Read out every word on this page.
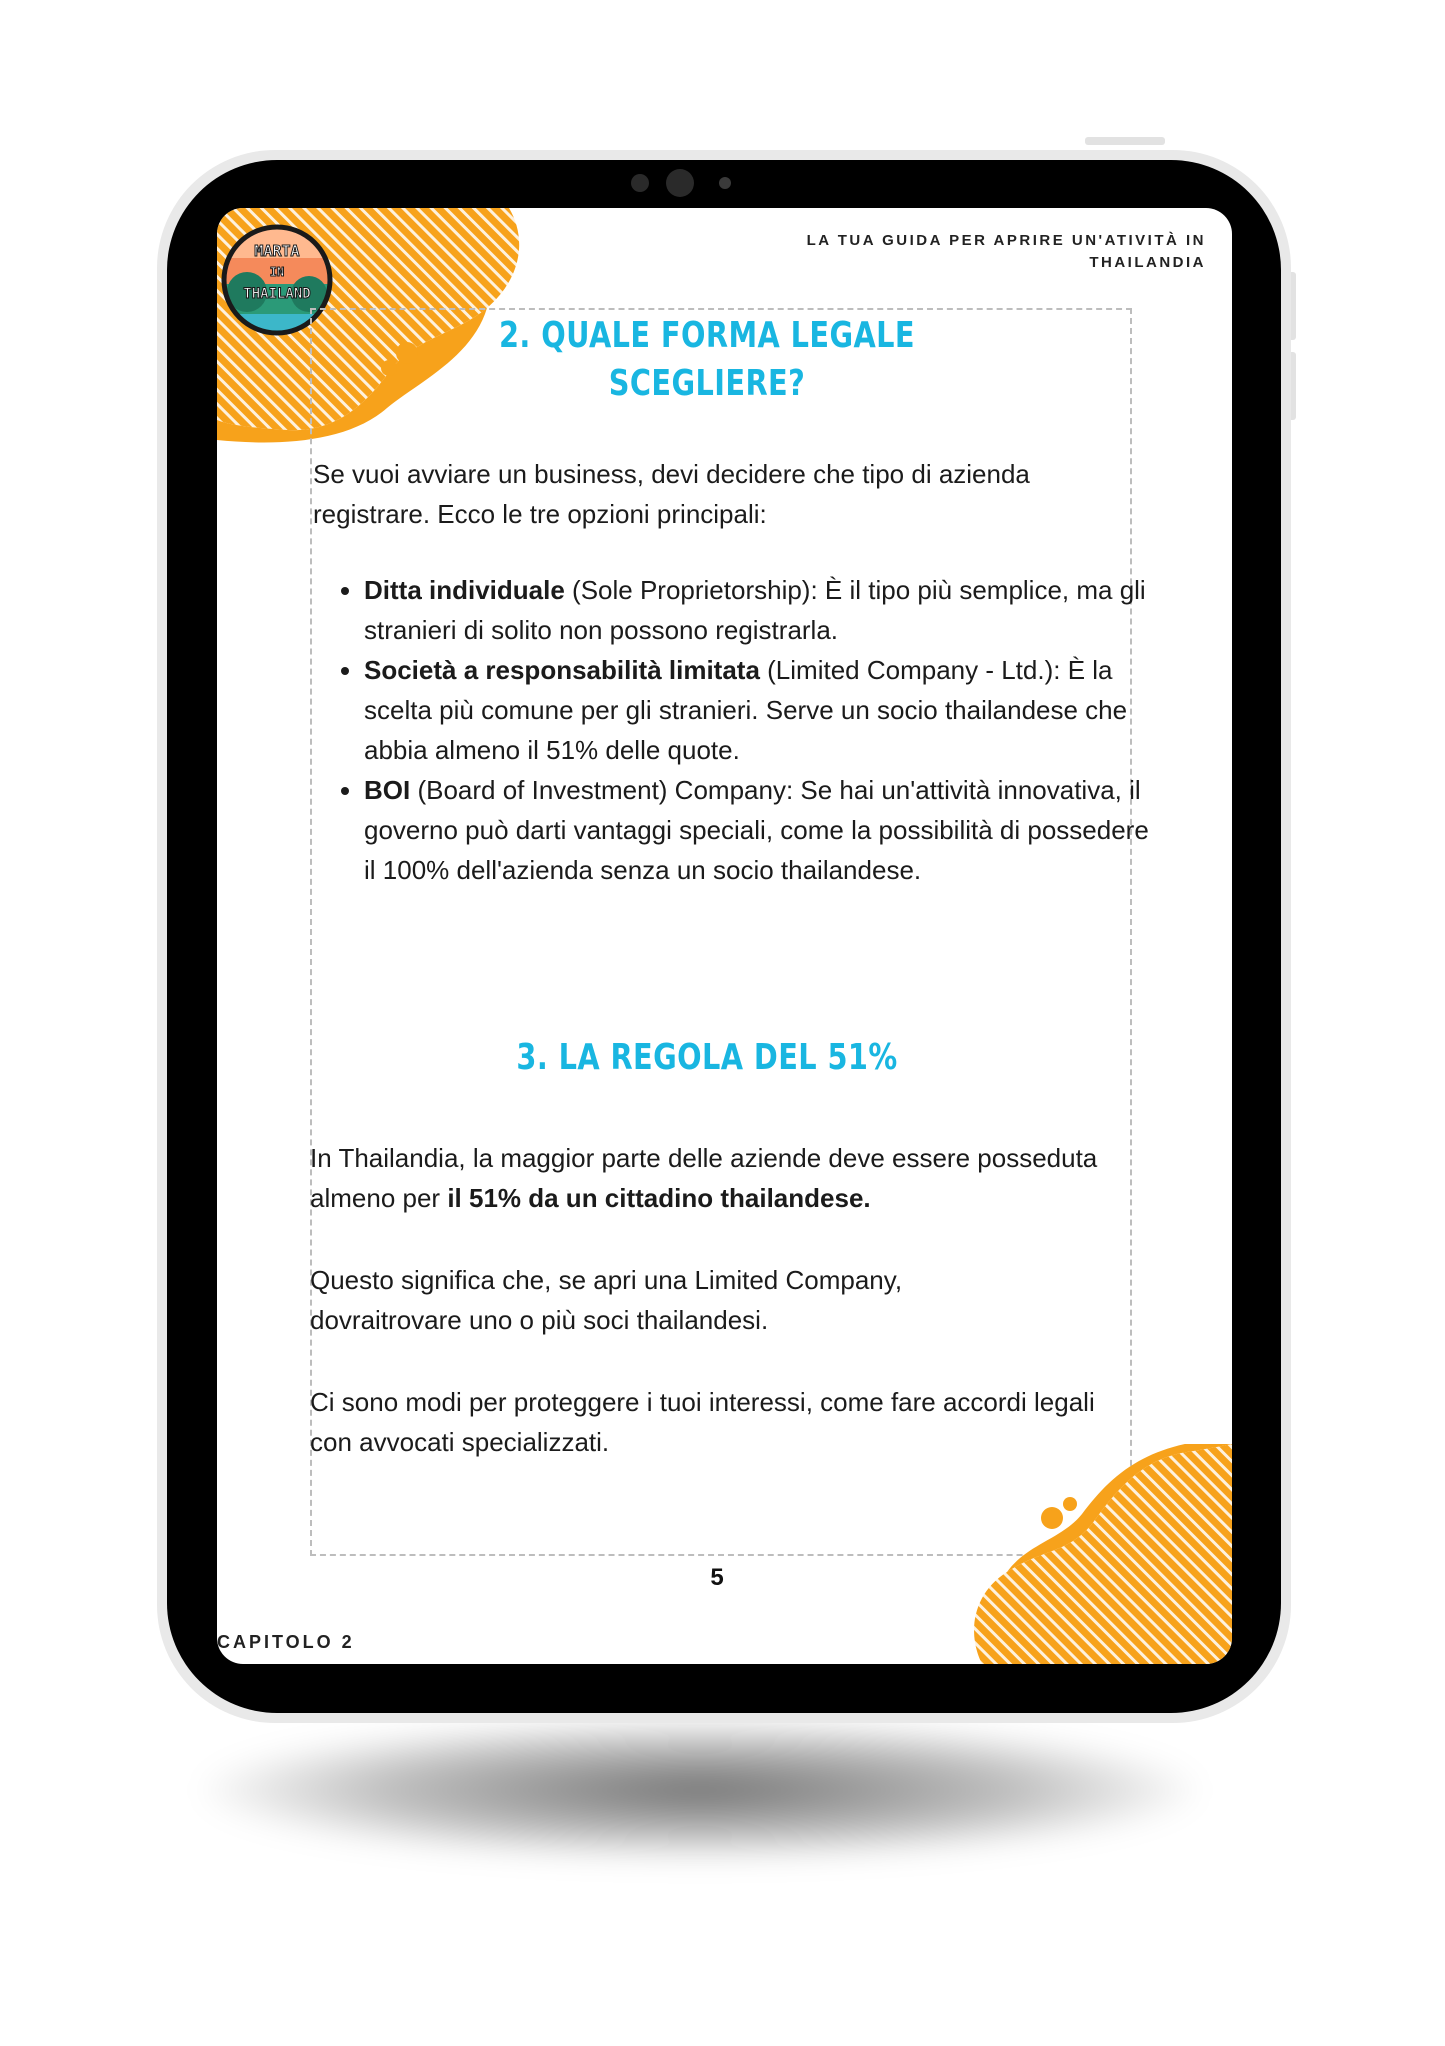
MARTA
IN
THAILAND
LA TUA GUIDA PER APRIRE UN'ATIVITÀ IN THAILANDIA
2. QUALE FORMA LEGALE
SCEGLIERE?
Se vuoi avviare un business, devi decidere che tipo di azienda registrare. Ecco le tre opzioni principali:
• Ditta individuale (Sole Proprietorship): È il tipo più semplice, ma gli stranieri di solito non possono registrarla.
• Società a responsabilità limitata (Limited Company - Ltd.): È la scelta più comune per gli stranieri. Serve un socio thailandese che abbia almeno il 51% delle quote.
• BOI (Board of Investment) Company: Se hai un'attività innovativa, il governo può darti vantaggi speciali, come la possibilità di possedere il 100% dell'azienda senza un socio thailandese.
3. LA REGOLA DEL 51%
In Thailandia, la maggior parte delle aziende deve essere posseduta almeno per il 51% da un cittadino thailandese.
Questo significa che, se apri una Limited Company, dovraitrovare uno o più soci thailandesi.
Ci sono modi per proteggere i tuoi interessi, come fare accordi legali con avvocati specializzati.
5
CAPITOLO 2
